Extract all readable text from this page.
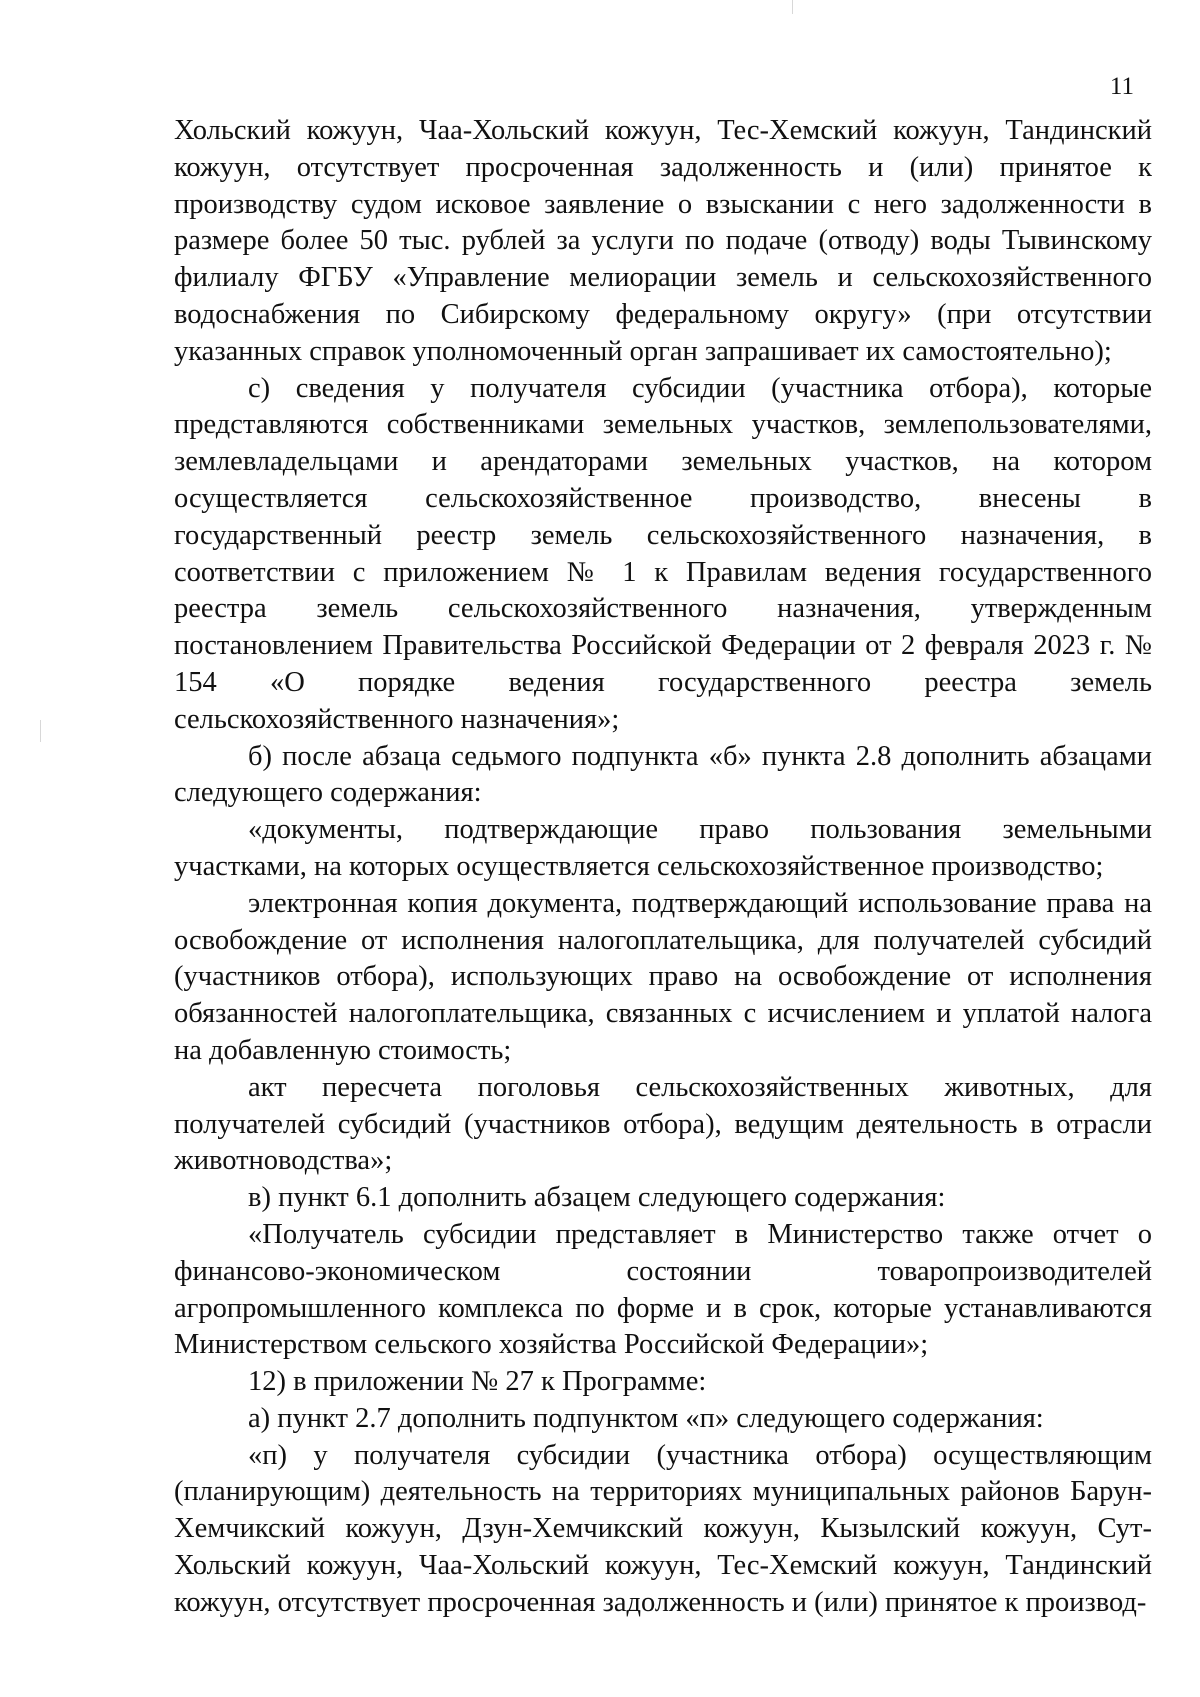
11

Хольский кожуун, Чаа-Хольский кожуун, Тес-Хемский кожуун, Тандинский кожуун, отсутствует просроченная задолженность и (или) принятое к производству судом исковое заявление о взыскании с него задолженности в размере более 50 тыс. рублей за услуги по подаче (отводу) воды Тывинскому филиалу ФГБУ «Управление мелиорации земель и сельскохозяйственного водоснабжения по Сибирскому федеральному округу» (при отсутствии указанных справок уполномоченный орган запрашивает их самостоятельно);

с) сведения у получателя субсидии (участника отбора), которые представляются собственниками земельных участков, землепользователями, землевладельцами и арендаторами земельных участков, на котором осуществляется сельскохозяйственное производство, внесены в государственный реестр земель сельскохозяйственного назначения, в соответствии с приложением № 1 к Правилам ведения государственного реестра земель сельскохозяйственного назначения, утвержденным постановлением Правительства Российской Федерации от 2 февраля 2023 г. № 154 «О порядке ведения государственного реестра земель сельскохозяйственного назначения»;

б) после абзаца седьмого подпункта «б» пункта 2.8 дополнить абзацами следующего содержания:

«документы, подтверждающие право пользования земельными участками, на которых осуществляется сельскохозяйственное производство;

электронная копия документа, подтверждающий использование права на освобождение от исполнения налогоплательщика, для получателей субсидий (участников отбора), использующих право на освобождение от исполнения обязанностей налогоплательщика, связанных с исчислением и уплатой налога на добавленную стоимость;

акт пересчета поголовья сельскохозяйственных животных, для получателей субсидий (участников отбора), ведущим деятельность в отрасли животноводства»;

в) пункт 6.1 дополнить абзацем следующего содержания:

«Получатель субсидии представляет в Министерство также отчет о финансово-экономическом состоянии товаропроизводителей агропромышленного комплекса по форме и в срок, которые устанавливаются Министерством сельского хозяйства Российской Федерации»;

12) в приложении № 27 к Программе:

а) пункт 2.7 дополнить подпунктом «п» следующего содержания:

«п) у получателя субсидии (участника отбора) осуществляющим (планирующим) деятельность на территориях муниципальных районов Барун-Хемчикский кожуун, Дзун-Хемчикский кожуун, Кызылский кожуун, Сут-Хольский кожуун, Чаа-Хольский кожуун, Тес-Хемский кожуун, Тандинский кожуун, отсутствует просроченная задолженность и (или) принятое к производ-
